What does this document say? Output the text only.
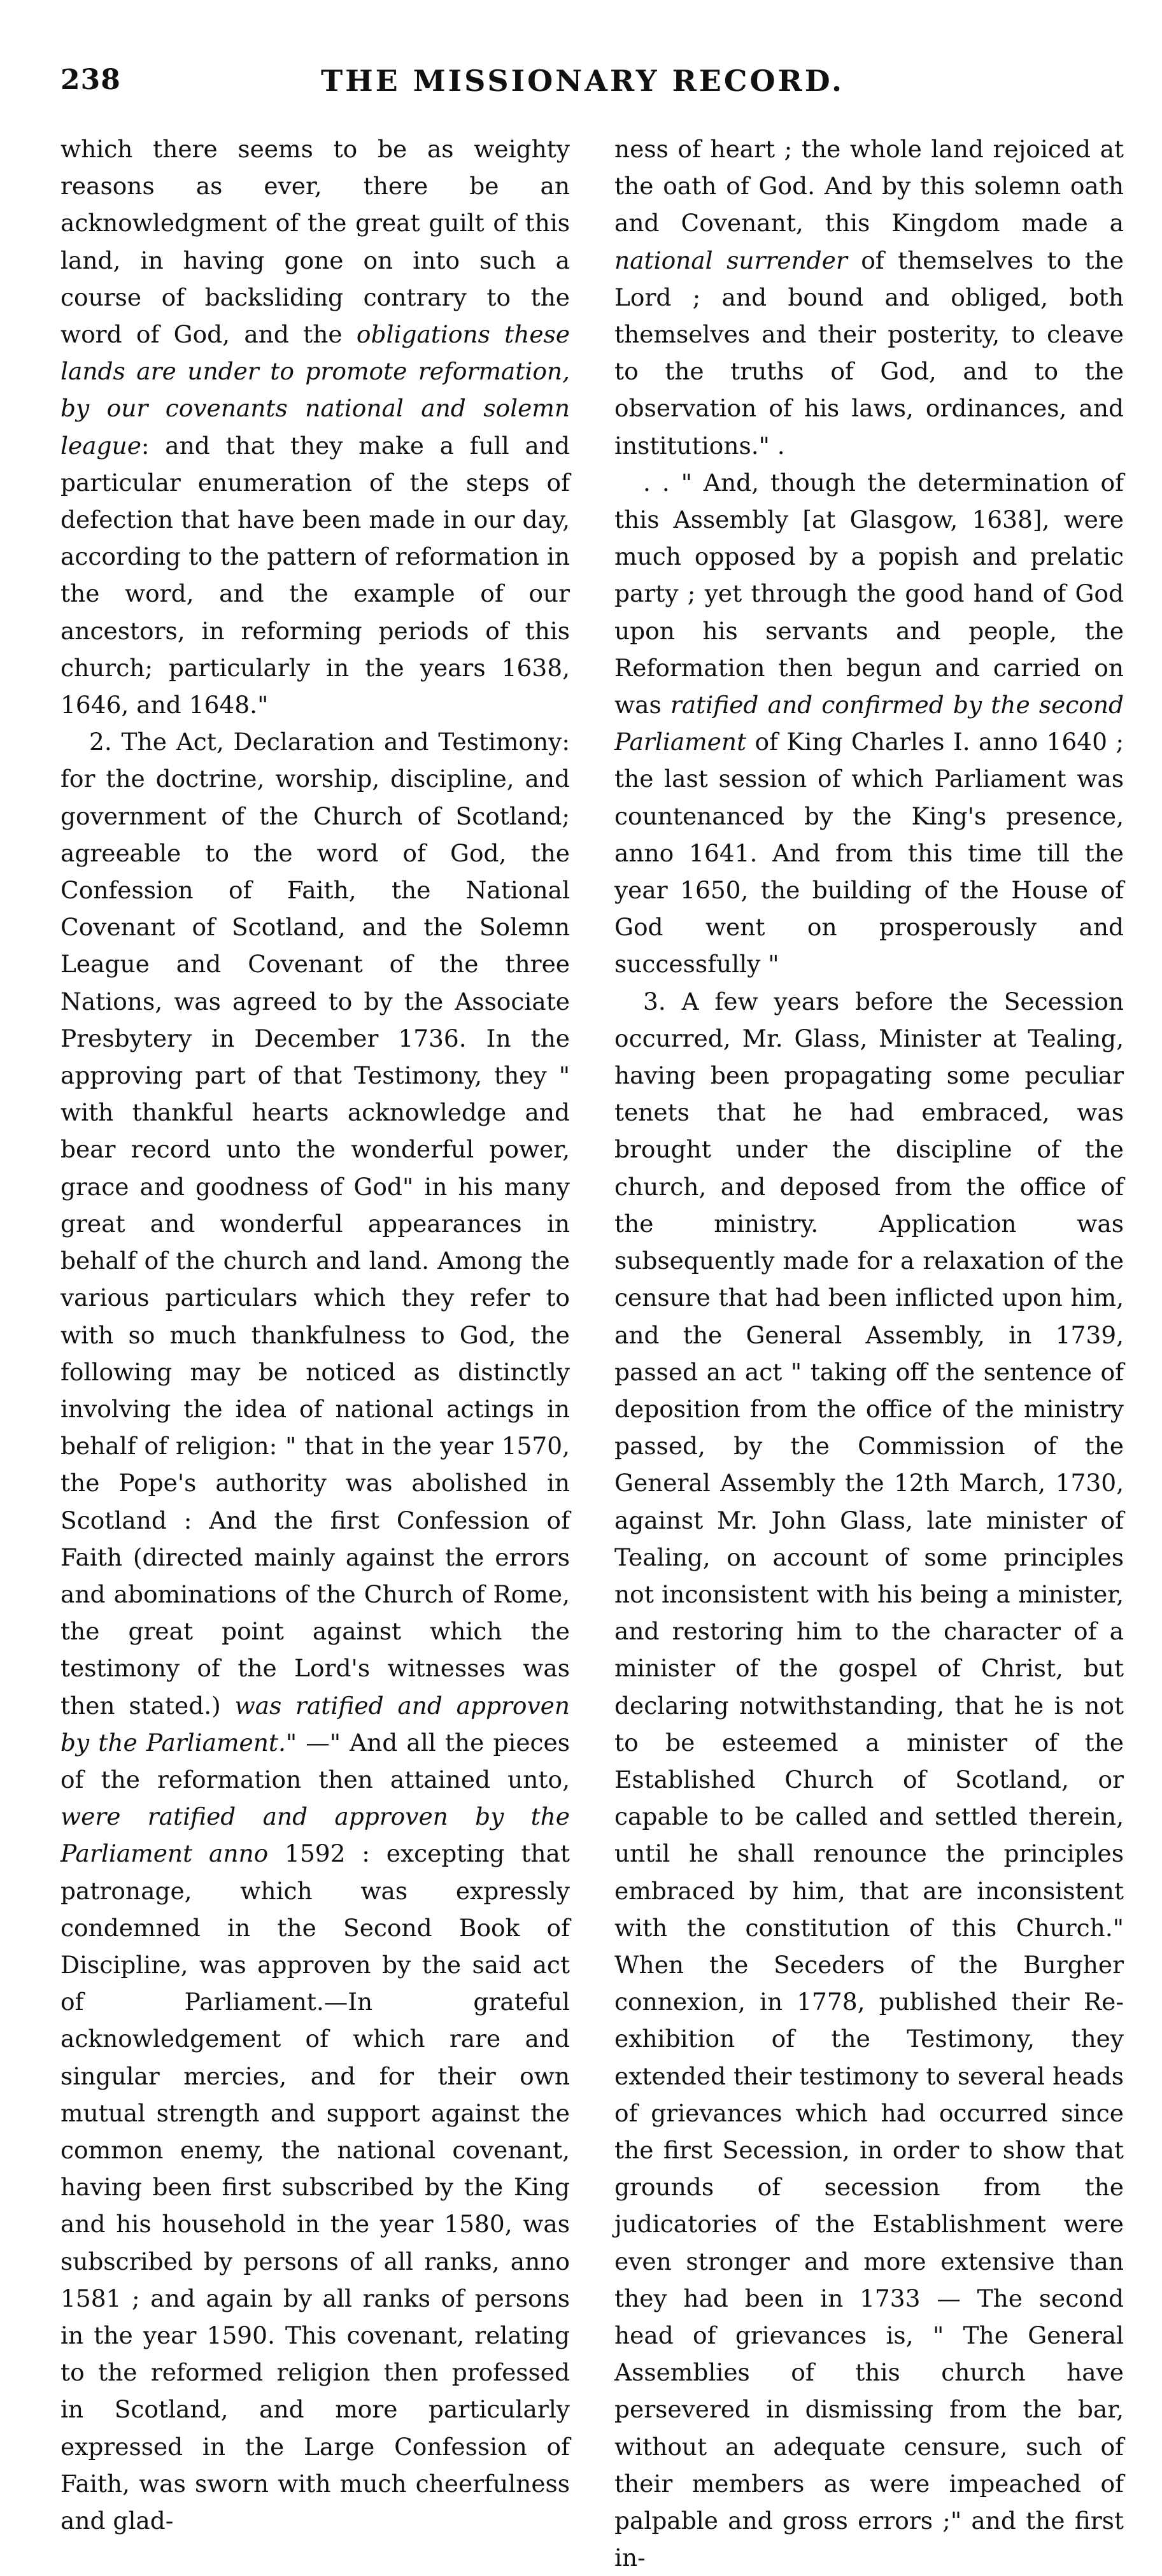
238	THE MISSIONARY RECORD.

which there seems to be as weighty reasons as ever, there be an acknowledgment of the great guilt of this land, in having gone on into such a course of backsliding contrary to the word of God, and the obligations these lands are under to promote reformation, by our covenants national and solemn league: and that they make a full and particular enumeration of the steps of defection that have been made in our day, according to the pattern of reformation in the word, and the example of our ancestors, in reforming periods of this church; particularly in the years 1638, 1646, and 1648."

2. The Act, Declaration and Testimony: for the doctrine, worship, discipline, and government of the Church of Scotland; agreeable to the word of God, the Confession of Faith, the National Covenant of Scotland, and the Solemn League and Covenant of the three Nations, was agreed to by the Associate Presbytery in December 1736. In the approving part of that Testimony, they " with thankful hearts acknowledge and bear record unto the wonderful power, grace and goodness of God" in his many great and wonderful appearances in behalf of the church and land. Among the various particulars which they refer to with so much thankfulness to God, the following may be noticed as distinctly involving the idea of national actings in behalf of religion: " that in the year 1570, the Pope's authority was abolished in Scotland : And the first Confession of Faith (directed mainly against the errors and abominations of the Church of Rome, the great point against which the testimony of the Lord's witnesses was then stated.) was ratified and approven by the Parliament." —" And all the pieces of the reformation then attained unto, were ratified and approven by the Parliament anno 1592 : excepting that patronage, which was expressly condemned in the Second Book of Discipline, was approven by the said act of Parliament.—In grateful acknowledgement of which rare and singular mercies, and for their own mutual strength and support against the common enemy, the national covenant, having been first subscribed by the King and his household in the year 1580, was subscribed by persons of all ranks, anno 1581 ; and again by all ranks of persons in the year 1590. This covenant, relating to the reformed religion then professed in Scotland, and more particularly expressed in the Large Confession of Faith, was sworn with much cheerfulness and glad-

ness of heart ; the whole land rejoiced at the oath of God. And by this solemn oath and Covenant, this Kingdom made a national surrender of themselves to the Lord ; and bound and obliged, both themselves and their posterity, to cleave to the truths of God, and to the observation of his laws, ordinances, and institutions." .

. . " And, though the determination of this Assembly [at Glasgow, 1638], were much opposed by a popish and prelatic party ; yet through the good hand of God upon his servants and people, the Reformation then begun and carried on was ratified and confirmed by the second Parliament of King Charles I. anno 1640 ; the last session of which Parliament was countenanced by the King's presence, anno 1641. And from this time till the year 1650, the building of the House of God went on prosperously and successfully "

3. A few years before the Secession occurred, Mr. Glass, Minister at Tealing, having been propagating some peculiar tenets that he had embraced, was brought under the discipline of the church, and deposed from the office of the ministry. Application was subsequently made for a relaxation of the censure that had been inflicted upon him, and the General Assembly, in 1739, passed an act " taking off the sentence of deposition from the office of the ministry passed, by the Commission of the General Assembly the 12th March, 1730, against Mr. John Glass, late minister of Tealing, on account of some principles not inconsistent with his being a minister, and restoring him to the character of a minister of the gospel of Christ, but declaring notwithstanding, that he is not to be esteemed a minister of the Established Church of Scotland, or capable to be called and settled therein, until he shall renounce the principles embraced by him, that are inconsistent with the constitution of this Church." When the Seceders of the Burgher connexion, in 1778, published their Re-exhibition of the Testimony, they extended their testimony to several heads of grievances which had occurred since the first Secession, in order to show that grounds of secession from the judicatories of the Establishment were even stronger and more extensive than they had been in 1733 — The second head of grievances is, " The General Assemblies of this church have persevered in dismissing from the bar, without an adequate censure, such of their members as were impeached of palpable and gross errors ;" and the first in-
